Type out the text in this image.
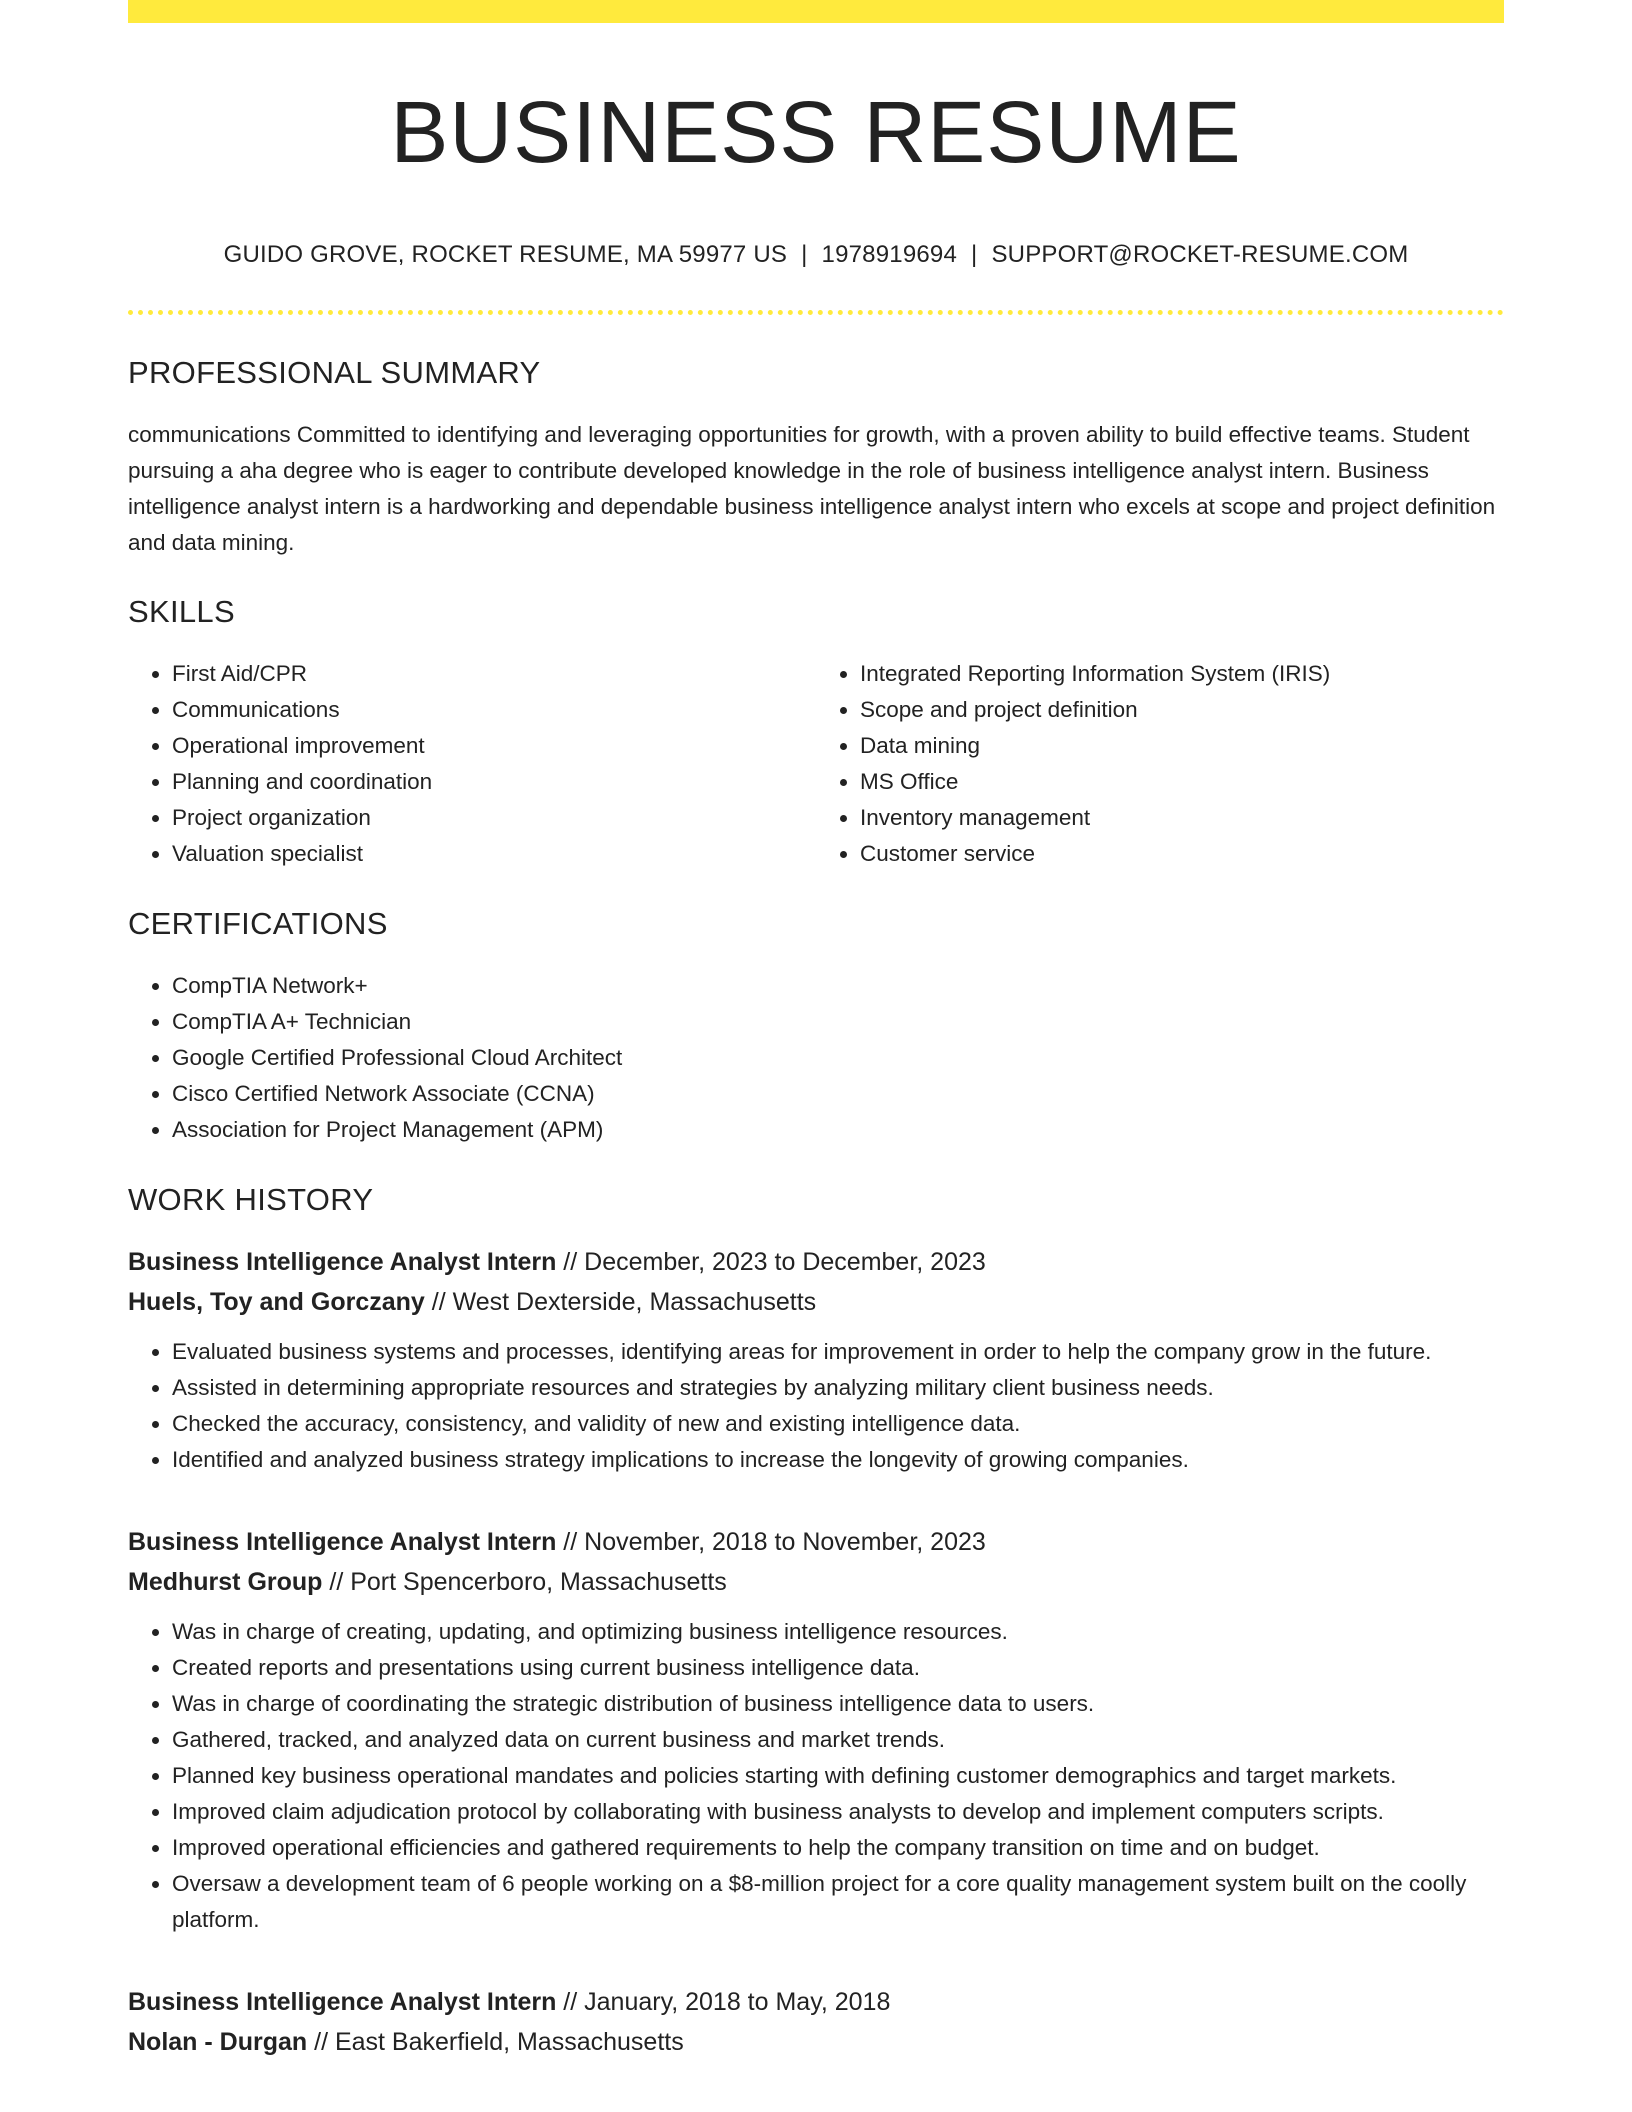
BUSINESS RESUME
GUIDO GROVE, ROCKET RESUME, MA 59977 US | 1978919694 | SUPPORT@ROCKET-RESUME.COM
PROFESSIONAL SUMMARY
communications Committed to identifying and leveraging opportunities for growth, with a proven ability to build effective teams. Student pursuing a aha degree who is eager to contribute developed knowledge in the role of business intelligence analyst intern. Business intelligence analyst intern is a hardworking and dependable business intelligence analyst intern who excels at scope and project definition and data mining.
SKILLS
• First Aid/CPR
• Communications
• Operational improvement
• Planning and coordination
• Project organization
• Valuation specialist
• Integrated Reporting Information System (IRIS)
• Scope and project definition
• Data mining
• MS Office
• Inventory management
• Customer service
CERTIFICATIONS
• CompTIA Network+
• CompTIA A+ Technician
• Google Certified Professional Cloud Architect
• Cisco Certified Network Associate (CCNA)
• Association for Project Management (APM)
WORK HISTORY
Business Intelligence Analyst Intern // December, 2023 to December, 2023
Huels, Toy and Gorczany // West Dexterside, Massachusetts
• Evaluated business systems and processes, identifying areas for improvement in order to help the company grow in the future.
• Assisted in determining appropriate resources and strategies by analyzing military client business needs.
• Checked the accuracy, consistency, and validity of new and existing intelligence data.
• Identified and analyzed business strategy implications to increase the longevity of growing companies.
Business Intelligence Analyst Intern // November, 2018 to November, 2023
Medhurst Group // Port Spencerboro, Massachusetts
• Was in charge of creating, updating, and optimizing business intelligence resources.
• Created reports and presentations using current business intelligence data.
• Was in charge of coordinating the strategic distribution of business intelligence data to users.
• Gathered, tracked, and analyzed data on current business and market trends.
• Planned key business operational mandates and policies starting with defining customer demographics and target markets.
• Improved claim adjudication protocol by collaborating with business analysts to develop and implement computers scripts.
• Improved operational efficiencies and gathered requirements to help the company transition on time and on budget.
• Oversaw a development team of 6 people working on a $8-million project for a core quality management system built on the coolly platform.
Business Intelligence Analyst Intern // January, 2018 to May, 2018
Nolan - Durgan // East Bakerfield, Massachusetts
